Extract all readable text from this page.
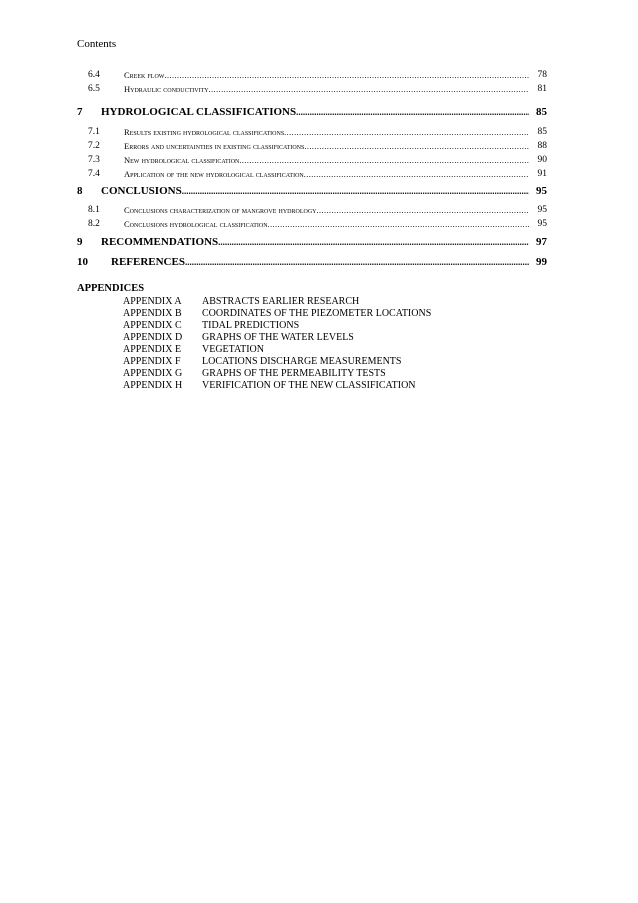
Contents
6.4	Creek flow .....	78
6.5	Hydraulic conductivity .....	81
7 HYDROLOGICAL CLASSIFICATIONS .....	85
7.1	Results existing hydrological classifications .....	85
7.2	Errors and uncertainties in existing classifications .....	88
7.3	New hydrological classification .....	90
7.4	Application of the new hydrological classification .....	91
8 CONCLUSIONS .....	95
8.1	Conclusions characterization of mangrove hydrology .....	95
8.2	Conclusions hydrological classification .....	95
9 RECOMMENDATIONS .....	97
10 REFERENCES .....	99
APPENDICES
APPENDIX A ABSTRACTS EARLIER RESEARCH
APPENDIX B COORDINATES OF THE PIEZOMETER LOCATIONS
APPENDIX C TIDAL PREDICTIONS
APPENDIX D GRAPHS OF THE WATER LEVELS
APPENDIX E VEGETATION
APPENDIX F LOCATIONS DISCHARGE MEASUREMENTS
APPENDIX G GRAPHS OF THE PERMEABILITY TESTS
APPENDIX H VERIFICATION OF THE NEW CLASSIFICATION
